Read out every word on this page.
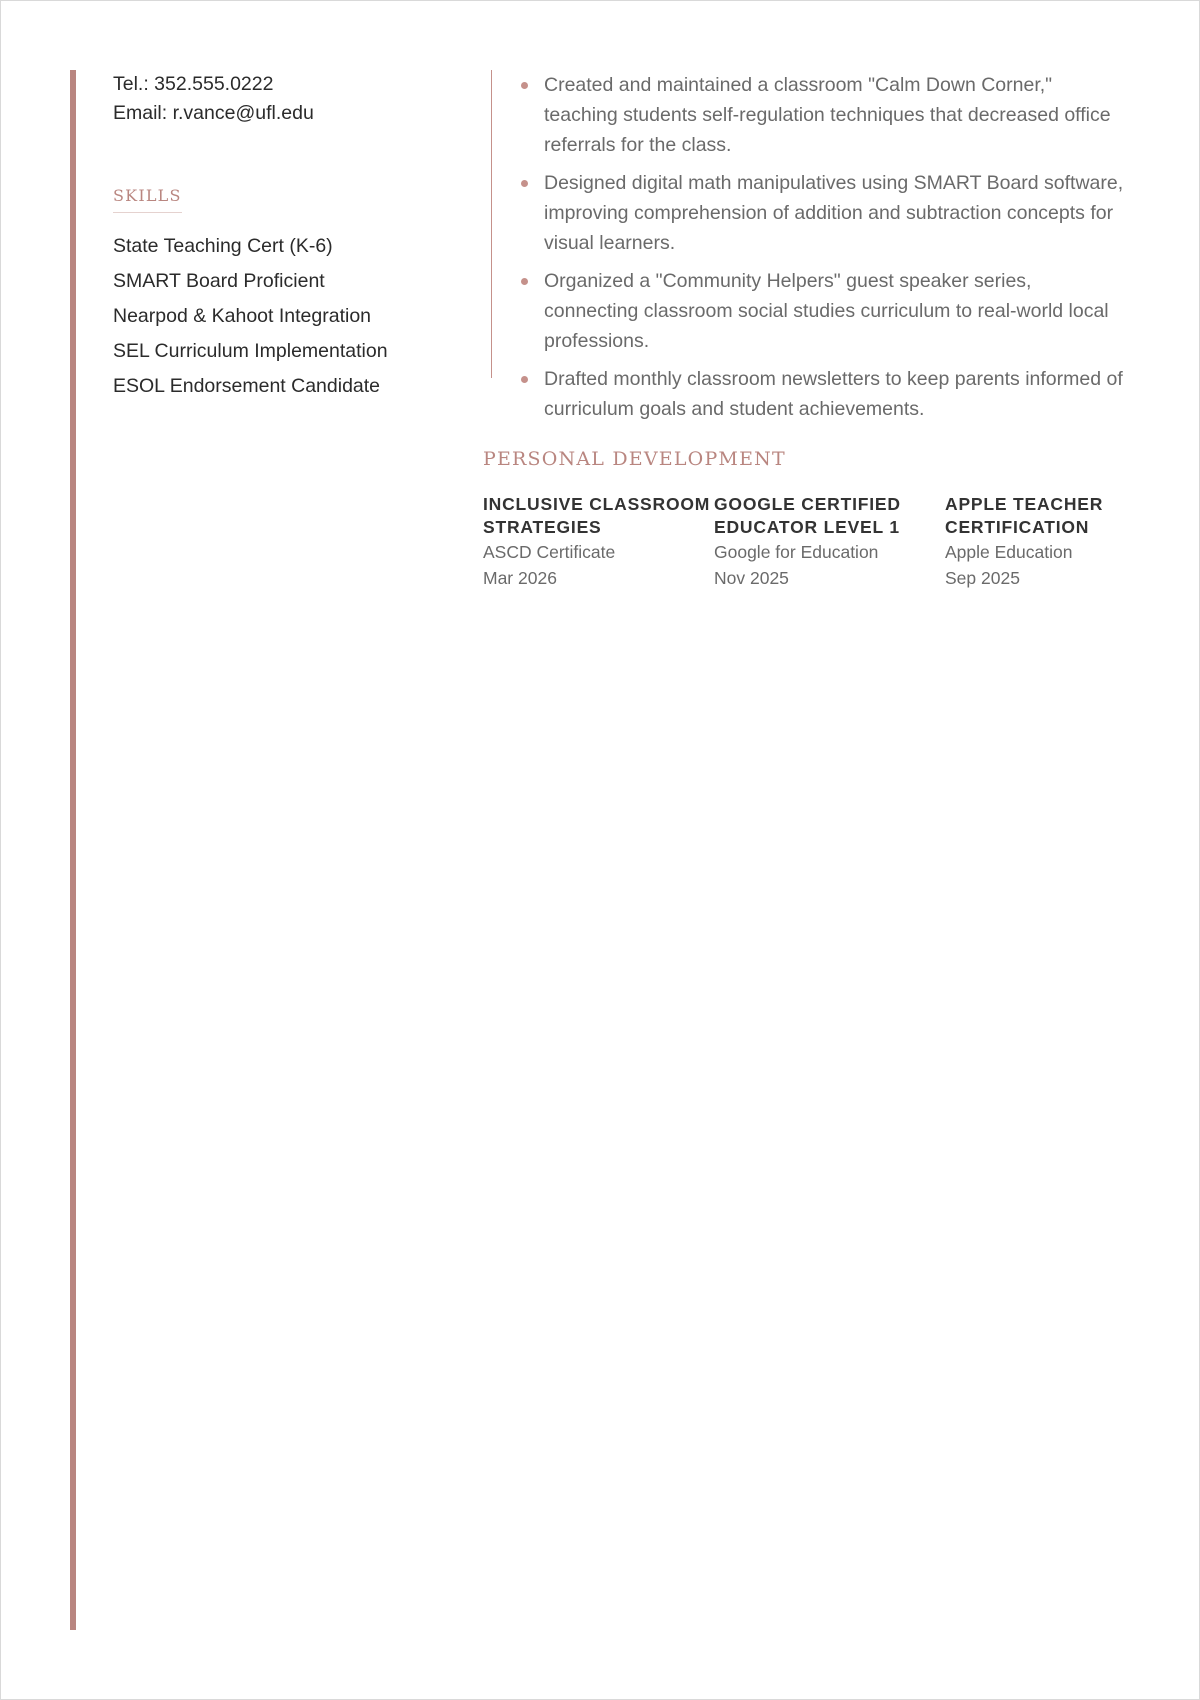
Tel.: 352.555.0222
Email: r.vance@ufl.edu
SKILLS
State Teaching Cert (K-6)
SMART Board Proficient
Nearpod & Kahoot Integration
SEL Curriculum Implementation
ESOL Endorsement Candidate
Created and maintained a classroom "Calm Down Corner," teaching students self-regulation techniques that decreased office referrals for the class.
Designed digital math manipulatives using SMART Board software, improving comprehension of addition and subtraction concepts for visual learners.
Organized a "Community Helpers" guest speaker series, connecting classroom social studies curriculum to real-world local professions.
Drafted monthly classroom newsletters to keep parents informed of curriculum goals and student achievements.
PERSONAL DEVELOPMENT
INCLUSIVE CLASSROOM STRATEGIES
ASCD Certificate
Mar 2026
GOOGLE CERTIFIED EDUCATOR LEVEL 1
Google for Education
Nov 2025
APPLE TEACHER CERTIFICATION
Apple Education
Sep 2025
